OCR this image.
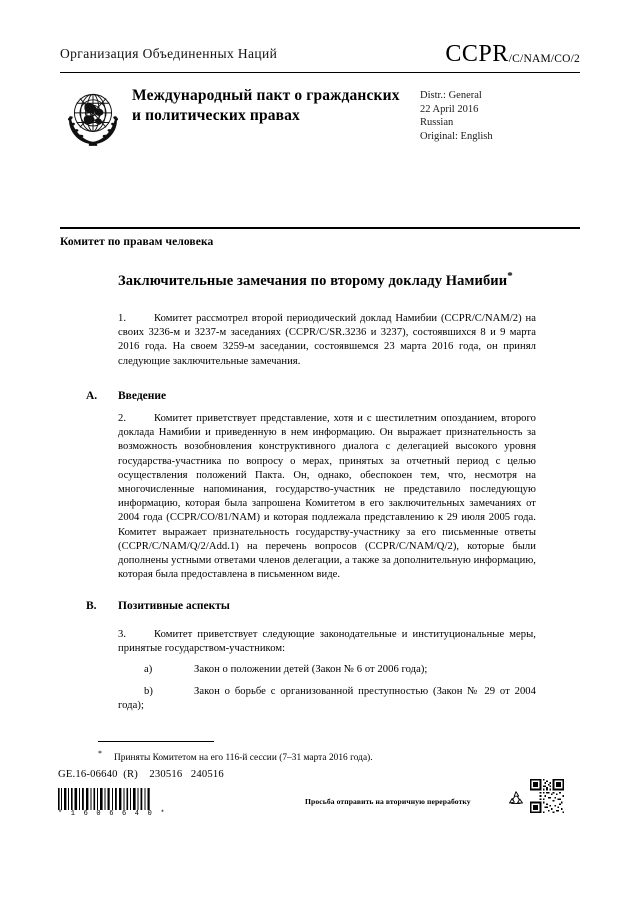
Организация Объединенных Наций	CCPR/C/NAM/CO/2
Международный пакт о гражданских и политических правах
Distr.: General
22 April 2016
Russian
Original: English
Комитет по правам человека
Заключительные замечания по второму докладу Намибии*
1.	Комитет рассмотрел второй периодический доклад Намибии (CCPR/C/NAM/2) на своих 3236-м и 3237-м заседаниях (CCPR/C/SR.3236 и 3237), состоявшихся 8 и 9 марта 2016 года. На своем 3259-м заседании, состоявшемся 23 марта 2016 года, он принял следующие заключительные замечания.
A. Введение
2.	Комитет приветствует представление, хотя и с шестилетним опозданием, второго доклада Намибии и приведенную в нем информацию. Он выражает признательность за возможность возобновления конструктивного диалога с делегацией высокого уровня государства-участника по вопросу о мерах, принятых за отчетный период с целью осуществления положений Пакта. Он, однако, обеспокоен тем, что, несмотря на многочисленные напоминания, государство-участник не представило последующую информацию, которая была запрошена Комитетом в его заключительных замечаниях от 2004 года (CCPR/CO/81/NAM) и которая подлежала представлению к 29 июля 2005 года. Комитет выражает признательность государству-участнику за его письменные ответы (CCPR/C/NAM/Q/2/Add.1) на перечень вопросов (CCPR/C/NAM/Q/2), которые были дополнены устными ответами членов делегации, а также за дополнительную информацию, которая была предоставлена в письменном виде.
B. Позитивные аспекты
3.	Комитет приветствует следующие законодательные и институциональные меры, принятые государством-участником:
a)	Закон о положении детей (Закон № 6 от 2006 года);
b)	Закон о борьбе с организованной преступностью (Закон № 29 от 2004 года);
* Приняты Комитетом на его 116-й сессии (7–31 марта 2016 года).
GE.16-06640  (R)    230516   240516
* 1 6 0 6 6 4 0 *
Просьба отправить на вторичную переработку
